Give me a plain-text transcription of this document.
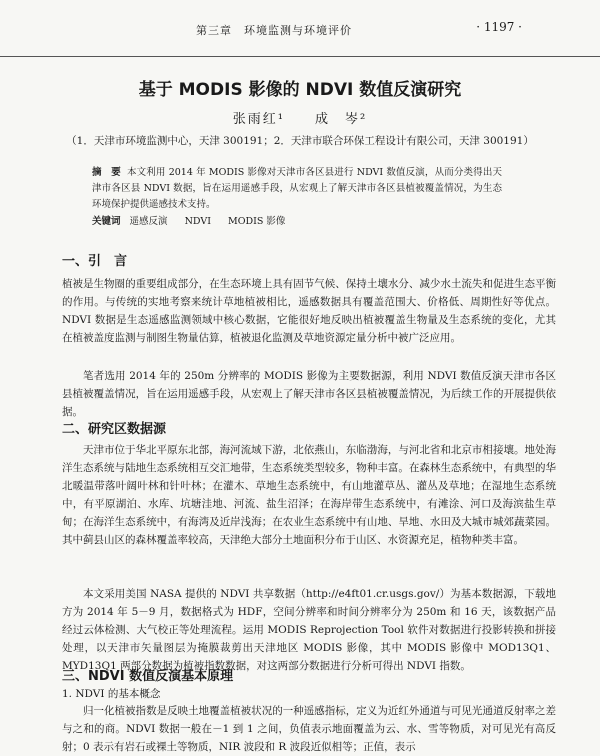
第三章　环境监测与环境评价	· 1197 ·
基于 MODIS 影像的 NDVI 数值反演研究
张雨红¹　　成　岑²
（1．天津市环境监测中心，天津 300191；2．天津市联合环保工程设计有限公司，天津 300191）
摘　要 本文利用 2014 年 MODIS 影像对天津市各区县进行 NDVI 数值反演，从而分类得出天津市各区县 NDVI 数据，旨在运用遥感手段，从宏观上了解天津市各区县植被覆盖情况，为生态环境保护提供遥感技术支持。
关键词 遥感反演 NDVI MODIS 影像
一、引　言

植被是生物圈的重要组成部分，在生态环境上具有固节气候、保持土壤水分、减少水土流失和促进生态平衡的作用。与传统的实地考察来统计草地植被相比，遥感数据具有覆盖范围大、价格低、周期性好等优点。NDVI 数据是生态遥感监测领域中核心数据，它能很好地反映出植被覆盖生物量及生态系统的变化，尤其在植被盖度监测与制图生物量估算，植被退化监测及草地资源定量分析中被广泛应用。

笔者选用 2014 年的 250m 分辨率的 MODIS 影像为主要数据源，利用 NDVI 数值反演天津市各区县植被覆盖情况，旨在运用遥感手段，从宏观上了解天津市各区县植被覆盖情况，为后续工作的开展提供依据。

二、研究区数据源

天津市位于华北平原东北部，海河流域下游，北依燕山，东临渤海，与河北省和北京市相接壤。地处海洋生态系统与陆地生态系统相互交汇地带，生态系统类型较多，物种丰富。在森林生态系统中，有典型的华北暖温带落叶阔叶林和针叶林；在灌木、草地生态系统中，有山地灌草丛、灌丛及草地；在湿地生态系统中，有平原湖泊、水库、坑塘洼地、河流、盐生沼泽；在海岸带生态系统中，有滩涂、河口及海滨盐生草甸；在海洋生态系统中，有海湾及近岸浅海；在农业生态系统中有山地、旱地、水田及大城市城郊蔬菜园。其中蓟县山区的森林覆盖率较高，天津绝大部分土地面积分布于山区、水资源充足，植物种类丰富。

本文采用美国 NASA 提供的 NDVI 共享数据（http://e4ft01.cr.usgs.gov/）为基本数据源，下载地方为 2014 年 5－9 月，数据格式为 HDF，空间分辨率和时间分辨率分为 250m 和 16 天，该数据产品经过云体检测、大气校正等处理流程。运用 MODIS Reprojection Tool 软件对数据进行投影转换和拼接处理，以天津市矢量图层为掩膜裁剪出天津地区 MODIS 影像，其中 MODIS 影像中 MOD13Q1、MYD13Q1 两部分数据为植被指数数据，对这两部分数据进行分析可得出 NDVI 指数。

三、NDVI 数值反演基本原理
1. NDVI 的基本概念

归一化植被指数是反映土地覆盖植被状况的一种遥感指标，定义为近红外通道与可见光通道反射率之差与之和的商。NDVI 数据一般在－1 到 1 之间，负值表示地面覆盖为云、水、雪等物质，对可见光有高反射；0 表示有岩石或裸土等物质，NIR 波段和 R 波段近似相等；正值，表示
